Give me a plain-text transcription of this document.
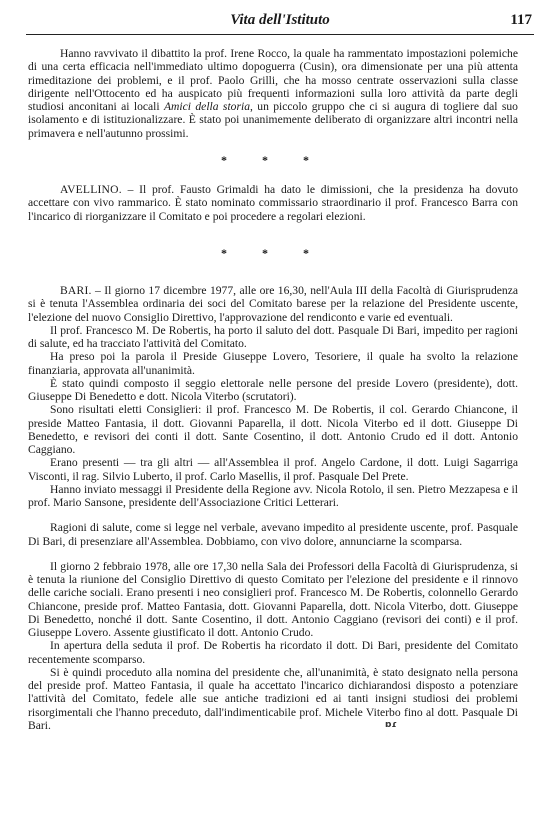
Vita dell'Istituto	117

Hanno ravvivato il dibattito la prof. Irene Rocco, la quale ha rammentato impostazioni polemiche di una certa efficacia nell'immediato ultimo dopoguerra (Cusin), ora dimensionate per una più attenta rimeditazione dei problemi, e il prof. Paolo Grilli, che ha mosso centrate osservazioni sulla classe dirigente nell'Ottocento ed ha auspicato più frequenti informazioni sulla loro attività da parte degli studiosi anconitani ai locali Amici della storia, un piccolo gruppo che ci si augura di togliere dal suo isolamento e di istituzionalizzare. È stato poi unanimemente deliberato di organizzare altri incontri nella primavera e nell'autunno prossimi.

* * *

AVELLINO. – Il prof. Fausto Grimaldi ha dato le dimissioni, che la presidenza ha dovuto accettare con vivo rammarico. È stato nominato commissario straordinario il prof. Francesco Barra con l'incarico di riorganizzare il Comitato e poi procedere a regolari elezioni.

* * *

BARI. – Il giorno 17 dicembre 1977, alle ore 16,30, nell'Aula III della Facoltà di Giurisprudenza si è tenuta l'Assemblea ordinaria dei soci del Comitato barese per la relazione del Presidente uscente, l'elezione del nuovo Consiglio Direttivo, l'approvazione del rendiconto e varie ed eventuali.

Il prof. Francesco M. De Robertis, ha porto il saluto del dott. Pasquale Di Bari, impedito per ragioni di salute, ed ha tracciato l'attività del Comitato.

Ha preso poi la parola il Preside Giuseppe Lovero, Tesoriere, il quale ha svolto la relazione finanziaria, approvata all'unanimità.

È stato quindi composto il seggio elettorale nelle persone del preside Lovero (presidente), dott. Giuseppe Di Benedetto e dott. Nicola Viterbo (scrutatori).

Sono risultati eletti Consiglieri: il prof. Francesco M. De Robertis, il col. Gerardo Chiancone, il preside Matteo Fantasia, il dott. Giovanni Paparella, il dott. Nicola Viterbo ed il dott. Giuseppe Di Benedetto, e revisori dei conti il dott. Sante Cosentino, il dott. Antonio Crudo ed il dott. Antonio Caggiano.

Erano presenti — tra gli altri — all'Assemblea il prof. Angelo Cardone, il dott. Luigi Sagarriga Visconti, il rag. Silvio Luberto, il prof. Carlo Masellis, il prof. Pasquale Del Prete.

Hanno inviato messaggi il Presidente della Regione avv. Nicola Rotolo, il sen. Pietro Mezzapesa e il prof. Mario Sansone, presidente dell'Associazione Critici Letterari.

Ragioni di salute, come si legge nel verbale, avevano impedito al presidente uscente, prof. Pasquale Di Bari, di presenziare all'Assemblea. Dobbiamo, con vivo dolore, annunciarne la scomparsa.

Il giorno 2 febbraio 1978, alle ore 17,30 nella Sala dei Professori della Facoltà di Giurisprudenza, si è tenuta la riunione del Consiglio Direttivo di questo Comitato per l'elezione del presidente e il rinnovo delle cariche sociali. Erano presenti i neo consiglieri prof. Francesco M. De Robertis, colonnello Gerardo Chiancone, preside prof. Matteo Fantasia, dott. Giovanni Paparella, dott. Nicola Viterbo, dott. Giuseppe Di Benedetto, nonché il dott. Sante Cosentino, il dott. Antonio Caggiano (revisori dei conti) e il prof. Giuseppe Lovero. Assente giustificato il dott. Antonio Crudo.

In apertura della seduta il prof. De Robertis ha ricordato il dott. Di Bari, presidente del Comitato recentemente scomparso.

Si è quindi proceduto alla nomina del presidente che, all'unanimità, è stato designato nella persona del preside prof. Matteo Fantasia, il quale ha accettato l'incarico dichiarandosi disposto a potenziare l'attività del Comitato, fedele alle sue antiche tradizioni ed ai tanti insigni studiosi dei problemi risorgimentali che l'hanno preceduto, dall'indimenticabile prof. Michele Viterbo fino al dott. Pasquale Di Bari.	ɒɾ
